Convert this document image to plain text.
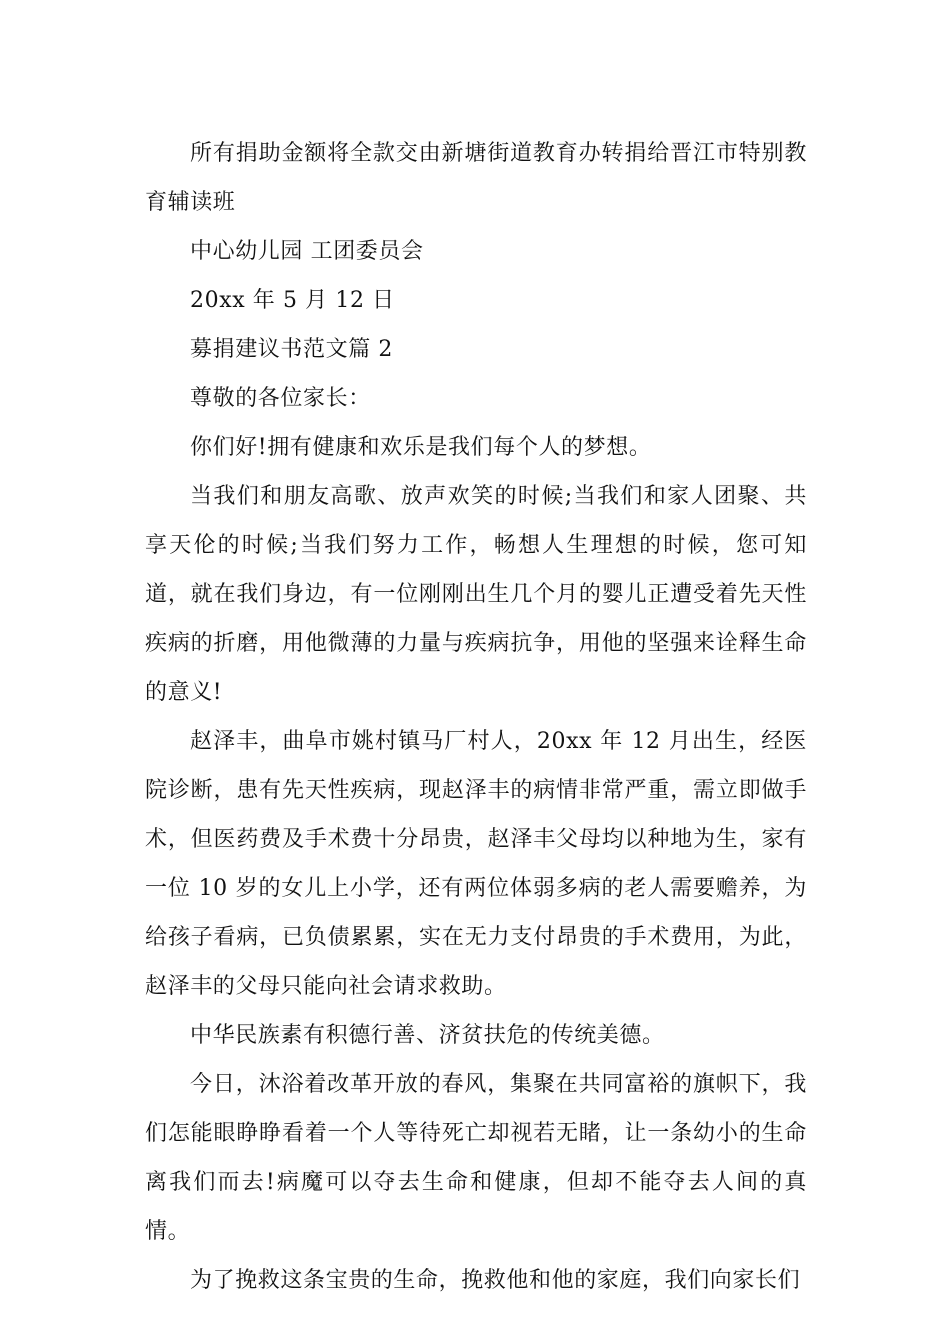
所有捐助金额将全款交由新塘街道教育办转捐给晋江市特别教育辅读班

中心幼儿园 工团委员会

20xx 年 5 月 12 日

募捐建议书范文篇 2

尊敬的各位家长：

你们好!拥有健康和欢乐是我们每个人的梦想。

当我们和朋友高歌、放声欢笑的时候;当我们和家人团聚、共享天伦的时候;当我们努力工作，畅想人生理想的时候，您可知道，就在我们身边，有一位刚刚出生几个月的婴儿正遭受着先天性疾病的折磨，用他微薄的力量与疾病抗争，用他的坚强来诠释生命的意义!

赵泽丰，曲阜市姚村镇马厂村人，20xx 年 12 月出生，经医院诊断，患有先天性疾病，现赵泽丰的病情非常严重，需立即做手术，但医药费及手术费十分昂贵，赵泽丰父母均以种地为生，家有一位 10 岁的女儿上小学，还有两位体弱多病的老人需要赡养，为给孩子看病，已负债累累，实在无力支付昂贵的手术费用，为此，赵泽丰的父母只能向社会请求救助。

中华民族素有积德行善、济贫扶危的传统美德。

今日，沐浴着改革开放的春风，集聚在共同富裕的旗帜下，我们怎能眼睁睁看着一个人等待死亡却视若无睹，让一条幼小的生命离我们而去!病魔可以夺去生命和健康，但却不能夺去人间的真情。

为了挽救这条宝贵的生命，挽救他和他的家庭，我们向家长们
